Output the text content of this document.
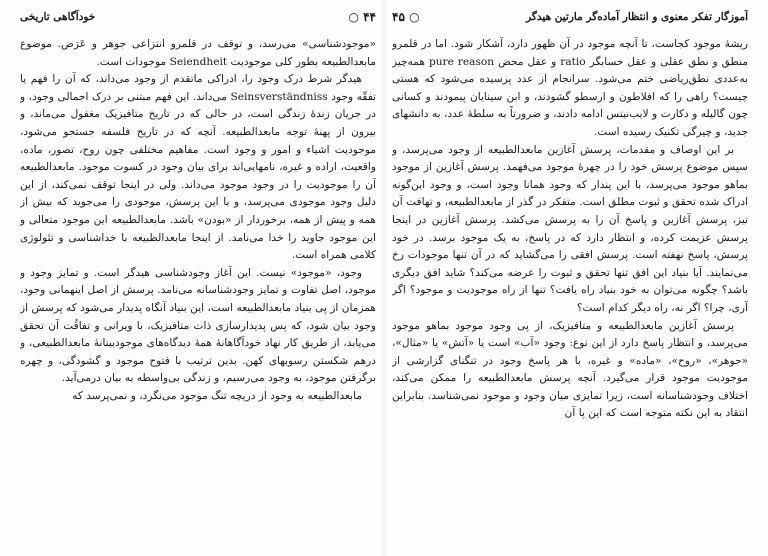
آموزگار تفکر معنوی و انتظار آماده‌گر مارتین هیدگر
○ ۴۵

ریشهٔ موجود کجاست، تا آنچه موجود در آن ظهور دارد، آشکار شود. اما در قلمرو منطق و نطق عقلی و عقل حسابگر ratio و عقل محض pure reason همه‌چیز به‌عددی نطق‌ریاضی ختم می‌شود. سرانجام از عدد پرسیده می‌شود که هستی چیست؟ راهی را که افلاطون و ارسطو گشودند، و ابن سینا‌یان پیمودند و کسانی چون گالیله و دکارت و لایب‌نیتس ادامه دادند، و ضرورتاً به سلطهٔ عدد، به دانشهای جدید، و چیرگی تکنیک رسیده است.

بر این اوصاف و مقدمات، پرسش آغازین مابعدالطبیعه از وجود می‌پرسد، و سپس موضوع پرسش خود را در چهرهٔ موجود می‌فهمد. پرسش آغازین از موجود بماهو موجود می‌پرسد، با این پندار که وجود همانا وجود است، و وجود این‌گونه ادراک شده تحقق و ثبوت مطلق است. متفکر در گذر از مابعدالطبیعه، و تهافت آن تیز، پرسش آغازین و پاسخ آن را به پرسش می‌کشد. پرسش آغازین در اینجا پرسش عزیمت کرده، و انتظار دارد که در پاسخ، به یک موجود برسد. در خود پرسش، پاسخ نهفته است. پرسش افقی را می‌گشاید که در آن تنها موجودات رخ می‌نمایند. آیا بنیاد این افق تنها تحقق و ثبوت را عرضه می‌کند؟ شاید افق دیگری باشد؟ چگونه می‌توان به خود بنیاد راه یافت؟ تنها از راه موجودیت و موجود؟ اگر آری، چرا؟ اگر نه، راه دیگر کدام است؟

پرسش آغازین مابعدالطبیعه و متافیزیک، از پی وجود موجود بماهو موجود می‌پرسد، و انتظار پاسخ دارد از این نوع: وجود «آب» است یا «آتش» یا «مثال»، «جوهر»، «روح»، «ماده» و غیره، با هر پاسخ وجود در تنگنای گزارشی از موجودیت موجود قرار می‌گیرد. آنچه پرسش مابعدالطبیعه را ممکن می‌کند، اختلاف وجودشناسانه است، زیرا تمایزی میان وجود و موجود نمی‌شناسد. بنابراین انتقاد به این نکته متوجه است که این پا آن

۴۴ ○
خودآگاهی تاریخی

«موجودشناسی» می‌رسد، و توقف در قلمرو انتزاعی جوهر و عَرَض. موضوع مابعدالطبیعه بطور کلی موجودیت Seiendheit موجودات است.

هیدگر شرط درک وجود را، ادراکی ماتقدم از وجود می‌داند، که آن را فهم یا تفقّه وجود Seinsverständniss می‌داند. این فهم مبتنی بر درک اجمالی وجود، و در جریان زندهٔ زندگی است، در حالی که در تاریخ متافیزیک مغفول می‌ماند، و بیرون از پهنهٔ توجه مابعدالطبیعه. آنچه که در تاریخ فلسفه جستجو می‌شود، موجودیت اشیاء و امور و وجود است. مفاهیم مختلفی چون روح، تصور، ماده، واقعیت، اراده و غیره، نامهایی‌اند برای بیان وجود در کسوت موجود. مابعدالطبیعه آن را موجودیت را در وجود موجود می‌داند. ولی در اینجا توقف نمی‌کند، از این دلیل وجود موجودی می‌پرسد، و با این پرسش، موجودی را می‌جوید که بیش از همه و پیش از همه، برخوردار از «بودن» باشد. مابعدالطبیعه این موجود متعالی و این موجود جاوید را خدا می‌نامد. از اینجا مابعدالطبیعه با خداشناسی و تئولوژی کلامی همراه است.

وجود، «موجود» نیست. این آغاز وجودشناسی هیدگر است. و تمایز وجود و موجود، اصل تفاوت و تمایز وجودشناسانه می‌نامد. پرسش از اصل اینهمانی وجود، همزمان از پی بنیاد مابعدالطبیعه است، این بنیاد آنگاه پدیدار می‌شود که پرسش از وجود بیان شود، که پس پدیدارسازی ذات متافیزیک، با ویرانی و تفاقُت آن تحقق می‌یابد، از طریق کار نهاد خودآگاهانهٔ همهٔ دیدگاه‌های موجودبینانهٔ مابعدالطبیعی، و درهم شکستن رسوبهای کهن. بدین ترتیب با فتوح موجود و گشودگی، و چهره برگرفتن موجود، به وجود می‌رسیم، و زندگی بی‌واسطه به بیان درمی‌آید.

مابعدالطبیعه به وجود از دریچه تنگ موجود می‌نگرد، و نمی‌پرسد که
